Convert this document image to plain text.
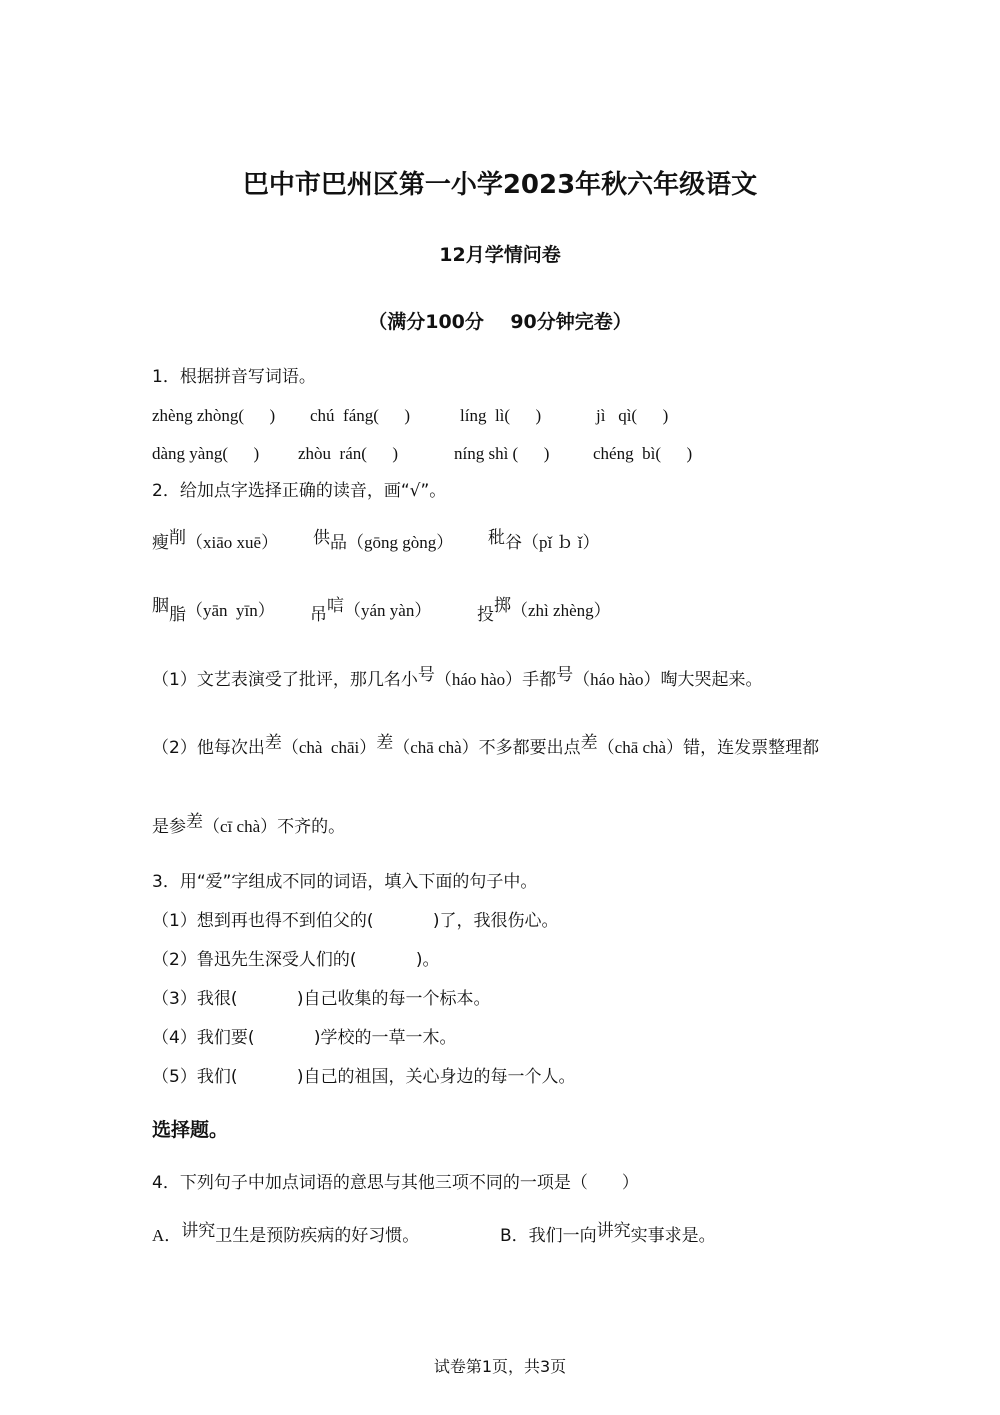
巴中市巴州区第一小学2023年秋六年级语文
12月学情问卷
（满分100分    90分钟完卷）
1．根据拼音写词语。
zhèng zhòng(      ) chú  fáng(      )	líng  lì(      )	jì   qì(      )
dàng yàng(      ) zhòu  rán(      )	níng shì (      )	chéng  bì(      )
2．给加点字选择正确的读音，画“√”。
瘦削（xiāo xuē） 供品（gōng gòng） 秕谷（pǐ ｂ ǐ）
胭脂（yān  yīn） 吊唁（yán yàn）	投掷（zhì zhèng）
（1）文艺表演受了批评，那几名小号（háo hào）手都号（háo hào）啕大哭起来。
（2）他每次出差（chà  chāi）差（chā chà）不多都要出点差（chā chà）错，连发票整理都
是参差（cī chà）不齐的。
3．用“爱”字组成不同的词语，填入下面的句子中。
（1）想到再也得不到伯父的(           )了，我很伤心。
（2）鲁迅先生深受人们的(           )。
（3）我很(           )自己收集的每一个标本。
（4）我们要(           )学校的一草一木。
（5）我们(           )自己的祖国，关心身边的每一个人。
选择题。
4．下列句子中加点词语的意思与其他三项不同的一项是（　　）
A．讲究卫生是预防疾病的好习惯。	B．我们一向讲究实事求是。
试卷第1页，共3页
